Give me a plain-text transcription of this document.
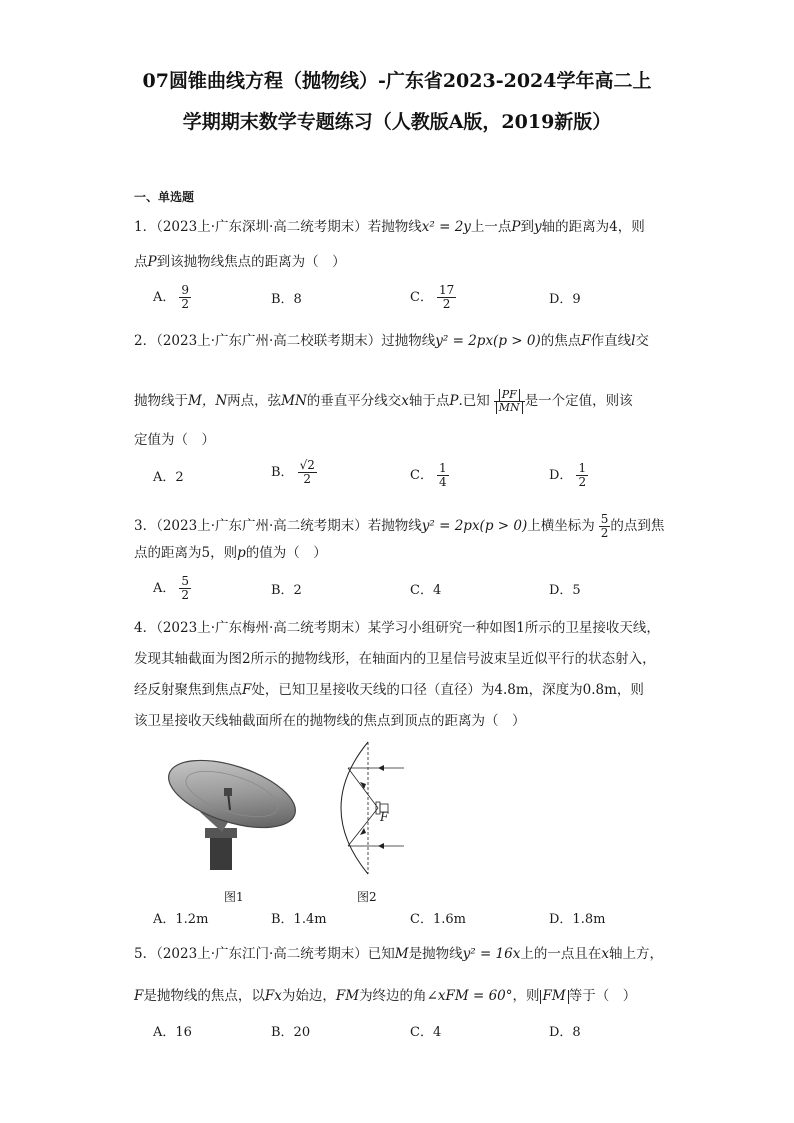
07圆锥曲线方程（抛物线）-广东省2023-2024学年高二上
学期期末数学专题练习（人教版A版，2019新版）
一、单选题
1．（2023上·广东深圳·高二统考期末）若抛物线x² = 2y上一点P到y轴的距离为4，则
点P到该抛物线焦点的距离为（　）
A． $\frac{9}{2}$	B．8	C． $\frac{17}{2}$	D．9
2．（2023上·广东广州·高二校联考期末）过抛物线y² = 2px(p > 0)的焦点F作直线l交
抛物线于M，N两点，弦MN的垂直平分线交x轴于点P.已知 $\frac{PF}{MN}$ 是一个定值，则该
定值为（　）
A．2	B． $\frac{√2}{2}$	C． $\frac{1}{4}$	D． $\frac{1}{2}$
3．（2023上·广东广州·高二统考期末）若抛物线y² = 2px(p > 0)上横坐标为 $\frac{5}{2}$ 的点到焦
点的距离为5，则p的值为（　）
A． $\frac{5}{2}$	B．2	C．4	D．5
4．（2023上·广东梅州·高二统考期末）某学习小组研究一种如图1所示的卫星接收天线，
发现其轴截面为图2所示的抛物线形，在轴面内的卫星信号波束呈近似平行的状态射入，
经反射聚焦到焦点F处，已知卫星接收天线的口径（直径）为4.8m，深度为0.8m，则
该卫星接收天线轴截面所在的抛物线的焦点到顶点的距离为（　）
图1
F
图2
A．1.2m	B．1.4m	C．1.6m	D．1.8m
5．（2023上·广东江门·高二统考期末）已知M是抛物线y² = 16x上的一点且在x轴上方，
F是抛物线的焦点，以Fx为始边，FM为终边的角∠xFM = 60°，则 FM 等于（　）
A．16	B．20	C．4	D．8
